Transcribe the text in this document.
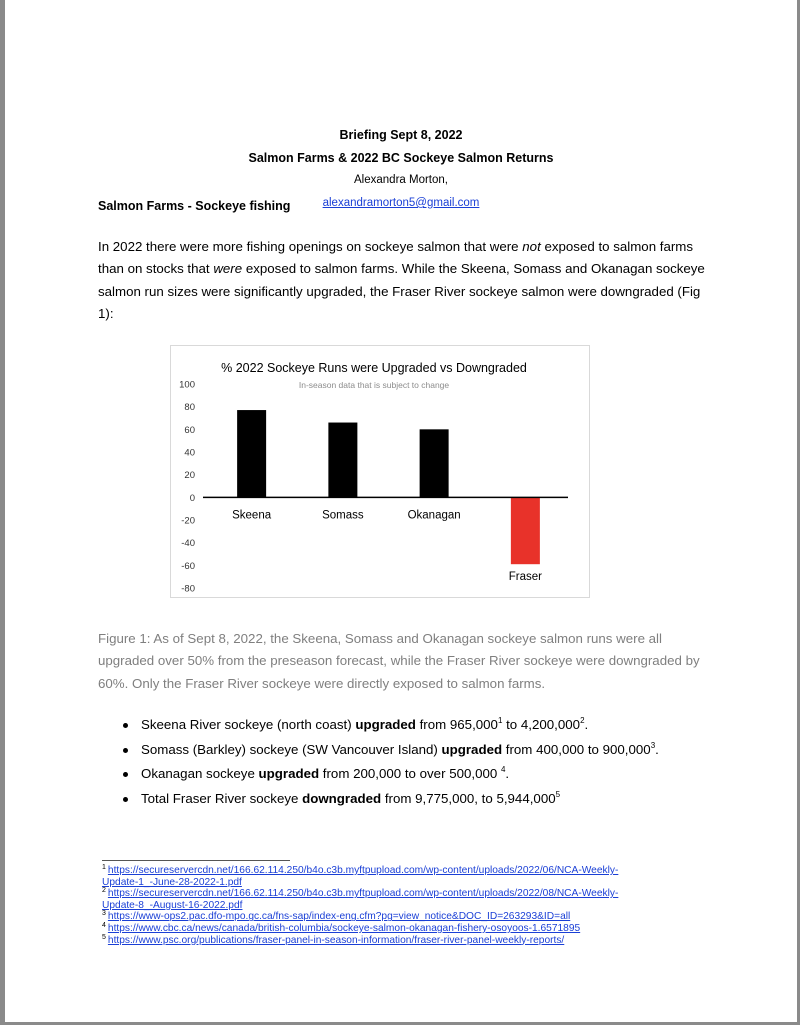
Briefing Sept 8, 2022
Salmon Farms & 2022 BC Sockeye Salmon Returns
Alexandra Morton,
alexandramorton5@gmail.com
Salmon Farms - Sockeye fishing

In 2022 there were more fishing openings on sockeye salmon that were not exposed to salmon farms than on stocks that were exposed to salmon farms. While the Skeena, Somass and Okanagan sockeye salmon run sizes were significantly upgraded, the Fraser River sockeye salmon were downgraded (Fig 1):

% 2022 Sockeye Runs were Upgraded vs Downgraded
In-season data that is subject to change
100
80
60
40
20
0
-20
-40
-60
-80
Skeena	Somass	Okanagan
Fraser
Figure 1: As of Sept 8, 2022, the Skeena, Somass and Okanagan sockeye salmon runs were all upgraded over 50% from the preseason forecast, while the Fraser River sockeye were downgraded by 60%. Only the Fraser River sockeye were directly exposed to salmon farms.
Skeena River sockeye (north coast) upgraded from 965,000$^1$ to 4,200,000$^2$.
Somass (Barkley) sockeye (SW Vancouver Island) upgraded from 400,000 to 900,000$^3$.
Okanagan sockeye upgraded from 200,000 to over 500,000 $^4$.
Total Fraser River sockeye downgraded from 9,775,000, to 5,944,000$^5$
$^1$ https://secureservercdn.net/166.62.114.250/b4o.c3b.myftpupload.com/wp-content/uploads/2022/06/NCA-Weekly-
Update-1_-June-28-2022-1.pdf
$^2$ https://secureservercdn.net/166.62.114.250/b4o.c3b.myftpupload.com/wp-content/uploads/2022/08/NCA-Weekly-
Update-8_-August-16-2022.pdf
$^3$ https://www-ops2.pac.dfo-mpo.gc.ca/fns-sap/index-eng.cfm?pg=view_notice&DOC_ID=263293&ID=all
$^4$ https://www.cbc.ca/news/canada/british-columbia/sockeye-salmon-okanagan-fishery-osoyoos-1.6571895
$^5$ https://www.psc.org/publications/fraser-panel-in-season-information/fraser-river-panel-weekly-reports/
